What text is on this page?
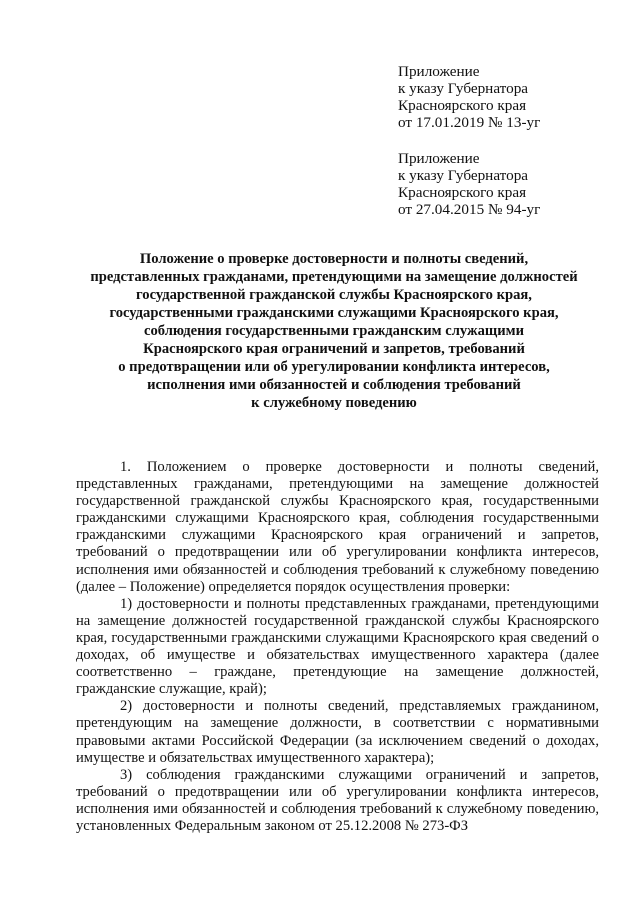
Приложение
к указу Губернатора
Красноярского края
от 17.01.2019 № 13-уг
Приложение
к указу Губернатора
Красноярского края
от 27.04.2015 № 94-уг
Положение о проверке достоверности и полноты сведений,
представленных гражданами, претендующими на замещение должностей
государственной гражданской службы Красноярского края,
государственными гражданскими служащими Красноярского края,
соблюдения государственными гражданским служащими
Красноярского края ограничений и запретов, требований
о предотвращении или об урегулировании конфликта интересов,
исполнения ими обязанностей и соблюдения требований
к служебному поведению

1. Положением о проверке достоверности и полноты сведений, представленных гражданами, претендующими на замещение должностей государственной гражданской службы Красноярского края, государственными гражданскими служащими Красноярского края, соблюдения государственными гражданскими служащими Красноярского края ограничений и запретов, требований о предотвращении или об урегулировании конфликта интересов, исполнения ими обязанностей и соблюдения требований к служебному поведению (далее – Положение) определяется порядок осуществления проверки:

1) достоверности и полноты представленных гражданами, претендующими на замещение должностей государственной гражданской службы Красноярского края, государственными гражданскими служащими Красноярского края сведений о доходах, об имуществе и обязательствах имущественного характера (далее соответственно – граждане, претендующие на замещение должностей, гражданские служащие, край);

2) достоверности и полноты сведений, представляемых гражданином, претендующим на замещение должности, в соответствии с нормативными правовыми актами Российской Федерации (за исключением сведений о доходах, имуществе и обязательствах имущественного характера);

3) соблюдения гражданскими служащими ограничений и запретов, требований о предотвращении или об урегулировании конфликта интересов, исполнения ими обязанностей и соблюдения требований к служебному поведению, установленных Федеральным законом от 25.12.2008 № 273-ФЗ
